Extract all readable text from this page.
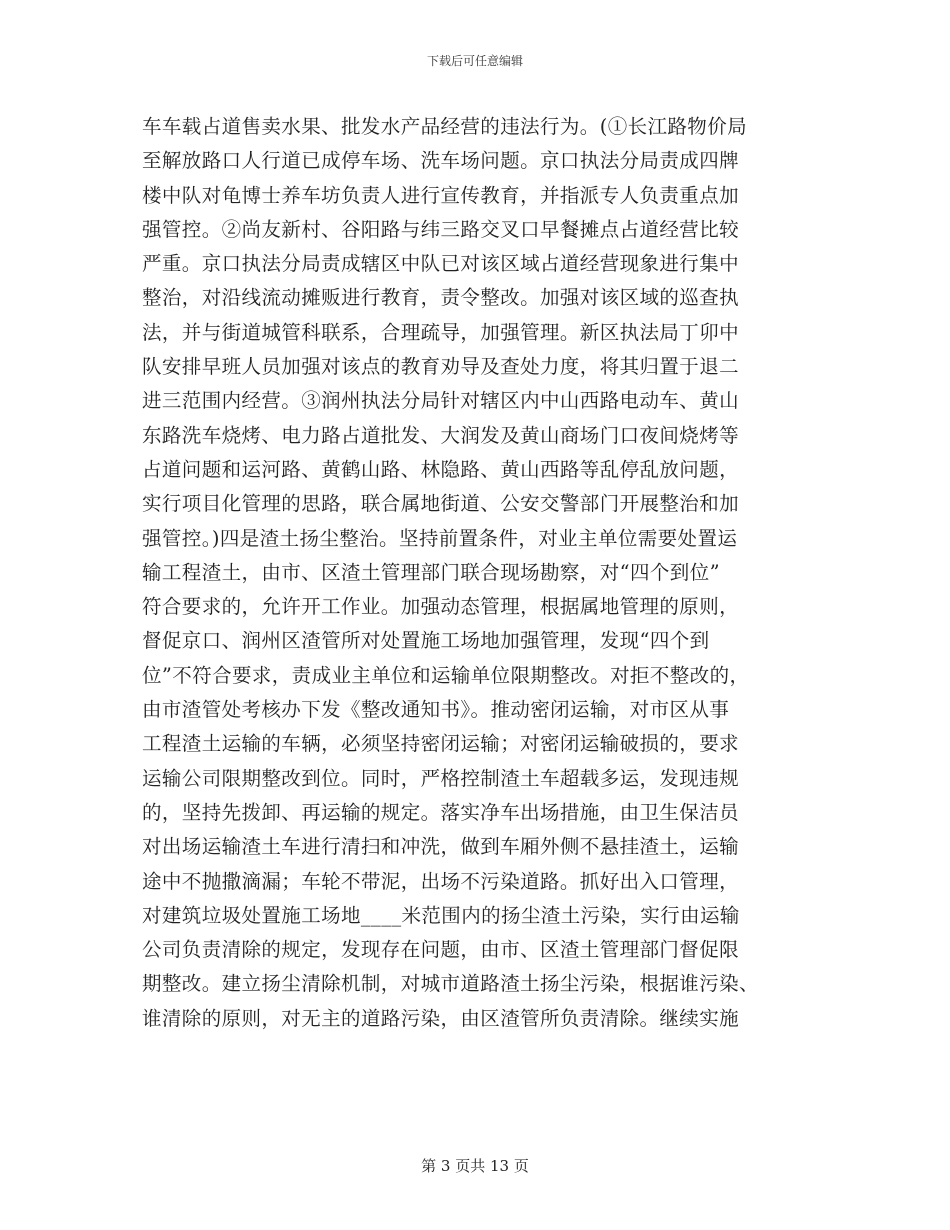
下载后可任意编辑
车车载占道售卖水果、批发水产品经营的违法行为。(①长江路物价局
至解放路口人行道已成停车场、洗车场问题。京口执法分局责成四牌
楼中队对龟博士养车坊负责人进行宣传教育，并指派专人负责重点加
强管控。②尚友新村、谷阳路与纬三路交叉口早餐摊点占道经营比较
严重。京口执法分局责成辖区中队已对该区域占道经营现象进行集中
整治，对沿线流动摊贩进行教育，责令整改。加强对该区域的巡查执
法，并与街道城管科联系，合理疏导，加强管理。新区执法局丁卯中
队安排早班人员加强对该点的教育劝导及查处力度，将其归置于退二
进三范围内经营。③润州执法分局针对辖区内中山西路电动车、黄山
东路洗车烧烤、电力路占道批发、大润发及黄山商场门口夜间烧烤等
占道问题和运河路、黄鹤山路、林隐路、黄山西路等乱停乱放问题，
实行项目化管理的思路，联合属地街道、公安交警部门开展整治和加
强管控。)四是渣土扬尘整治。坚持前置条件，对业主单位需要处置运
输工程渣土，由市、区渣土管理部门联合现场勘察，对“四个到位”
符合要求的，允许开工作业。加强动态管理，根据属地管理的原则，
督促京口、润州区渣管所对处置施工场地加强管理，发现“四个到
位”不符合要求，责成业主单位和运输单位限期整改。对拒不整改的，
由市渣管处考核办下发《整改通知书》。推动密闭运输，对市区从事
工程渣土运输的车辆，必须坚持密闭运输；对密闭运输破损的，要求
运输公司限期整改到位。同时，严格控制渣土车超载多运，发现违规
的，坚持先拨卸、再运输的规定。落实净车出场措施，由卫生保洁员
对出场运输渣土车进行清扫和冲洗，做到车厢外侧不悬挂渣土，运输
途中不抛撒滴漏；车轮不带泥，出场不污染道路。抓好出入口管理，
对建筑垃圾处置施工场地____米范围内的扬尘渣土污染，实行由运输
公司负责清除的规定，发现存在问题，由市、区渣土管理部门督促限
期整改。建立扬尘清除机制，对城市道路渣土扬尘污染，根据谁污染、
谁清除的原则，对无主的道路污染，由区渣管所负责清除。继续实施
第 3 页共 13 页
